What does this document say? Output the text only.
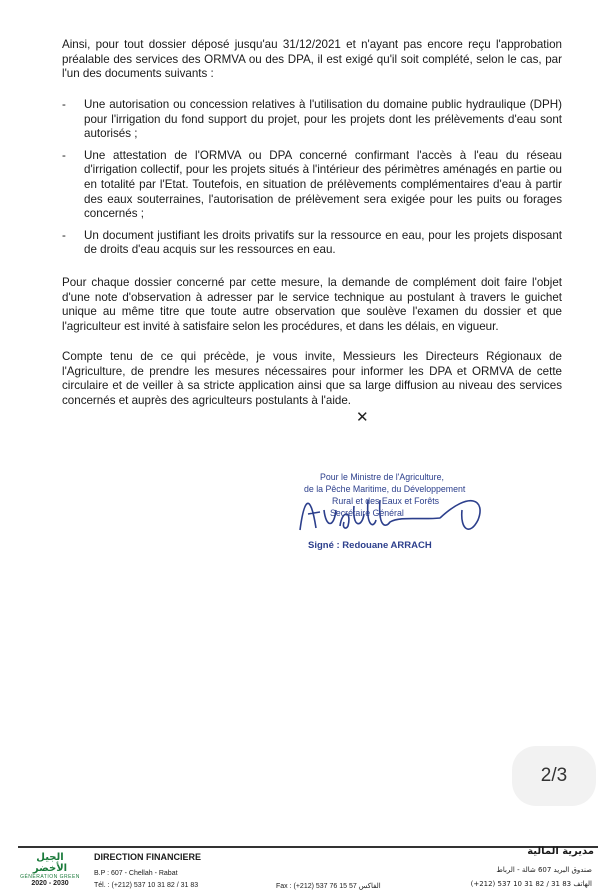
Ainsi, pour tout dossier déposé jusqu'au 31/12/2021 et n'ayant pas encore reçu l'approbation préalable des services des ORMVA ou des DPA, il est exigé qu'il soit complété, selon le cas, par l'un des documents suivants :
- Une autorisation ou concession relatives à l'utilisation du domaine public hydraulique (DPH) pour l'irrigation du fond support du projet, pour les projets dont les prélèvements d'eau sont autorisés ;
- Une attestation de l'ORMVA ou DPA concerné confirmant l'accès à l'eau du réseau d'irrigation collectif, pour les projets situés à l'intérieur des périmètres aménagés en partie ou en totalité par l'Etat. Toutefois, en situation de prélèvements complémentaires d'eau à partir des eaux souterraines, l'autorisation de prélèvement sera exigée pour les puits ou forages concernés ;
- Un document justifiant les droits privatifs sur la ressource en eau, pour les projets disposant de droits d'eau acquis sur les ressources en eau.
Pour chaque dossier concerné par cette mesure, la demande de complément doit faire l'objet d'une note d'observation à adresser par le service technique au postulant à travers le guichet unique au même titre que toute autre observation que soulève l'examen du dossier et que l'agriculteur est invité à satisfaire selon les procédures, et dans les délais, en vigueur.
Compte tenu de ce qui précède, je vous invite, Messieurs les Directeurs Régionaux de l'Agriculture, de prendre les mesures nécessaires pour informer les DPA et ORMVA de cette circulaire et de veiller à sa stricte application ainsi que sa large diffusion au niveau des services concernés et auprès des agriculteurs postulants à l'aide.
✕
Pour le Ministre de l'Agriculture,
de la Pêche Maritime, du Développement
Rural et des Eaux et Forêts
Secrétaire Général
Signé : Redouane ARRACH
2/3
الجيل الأخضر
GÉNÉRATION GREEN
2020 - 2030
DIRECTION FINANCIERE	مديرية المالية
B.P : 607 - Chellah - Rabat
Tél. : (+212) 537 10 31 82 / 31 83	Fax : (+212) 537 76 15 57 الفاكس
صندوق البريد 607 شالة - الرباط
(+212) 537 10 31 82 / 31 83 الهاتف
